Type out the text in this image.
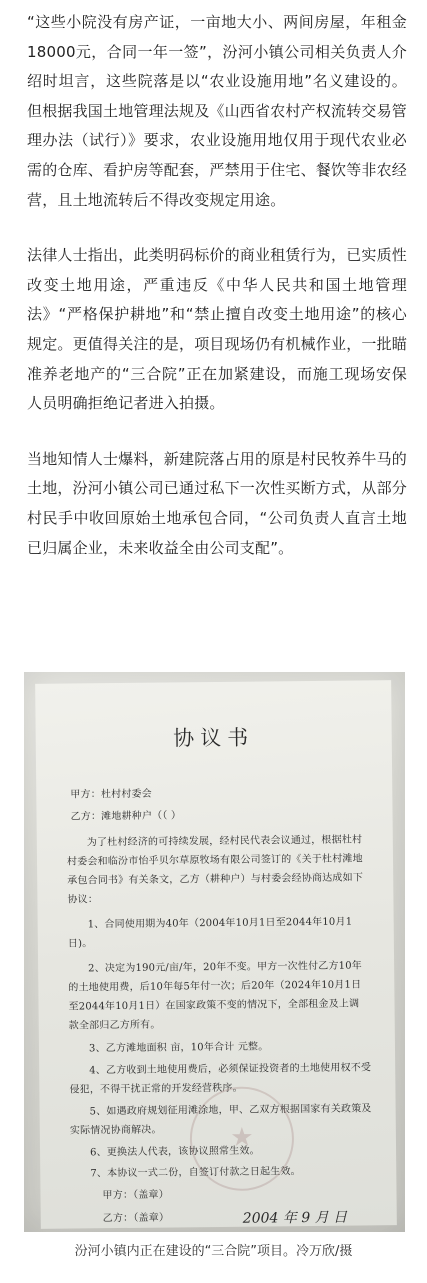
“这些小院没有房产证，一亩地大小、两间房屋，年租金18000元，合同一年一签”，汾河小镇公司相关负责人介绍时坦言，这些院落是以“农业设施用地”名义建设的。但根据我国土地管理法规及《山西省农村产权流转交易管理办法（试行）》要求，农业设施用地仅用于现代农业必需的仓库、看护房等配套，严禁用于住宅、餐饮等非农经营，且土地流转后不得改变规定用途。

法律人士指出，此类明码标价的商业租赁行为，已实质性改变土地用途，严重违反《中华人民共和国土地管理法》“严格保护耕地”和“禁止擅自改变土地用途”的核心规定。更值得关注的是，项目现场仍有机械作业，一批瞄准养老地产的“三合院”正在加紧建设，而施工现场安保人员明确拒绝记者进入拍摄。

当地知情人士爆料，新建院落占用的原是村民牧养牛马的土地，汾河小镇公司已通过私下一次性买断方式，从部分村民手中收回原始土地承包合同，“公司负责人直言土地已归属企业，未来收益全由公司支配”。

协议书
甲方：杜村村委会
乙方：滩地耕种户（（ ）
为了杜村经济的可持续发展，经村民代表会议通过，根据杜村
村委会和临汾市怡乎贝尔草原牧场有限公司签订的《关于杜村滩地
承包合同书》有关条文，乙方（耕种户）与村委会经协商达成如下
协议：
1、合同使用期为40年（2004年10月1日至2044年10月1
日)。
2、决定为190元/亩/年，20年不变。甲方一次性付乙方10年
的土地使用费，后10年每5年付一次；后20年（2024年10月1日
至2044年10月1日）在国家政策不变的情况下，全部租金及上调
款全部归乙方所有。
3、乙方滩地面积 亩，10年合计 元整。
4、乙方收到土地使用费后，必须保证投资者的土地使用权不受
侵犯，不得干扰正常的开发经营秩序。
5、如遇政府规划征用滩涂地，甲、乙双方根据国家有关政策及
实际情况协商解决。
6、更换法人代表，该协议照常生效。
7、本协议一式二份，自签订付款之日起生效。
★
甲方：（盖章）
乙方：（盖章）	2004 年 9 月 日
汾河小镇内正在建设的“三合院”项目。冷万欣/摄
